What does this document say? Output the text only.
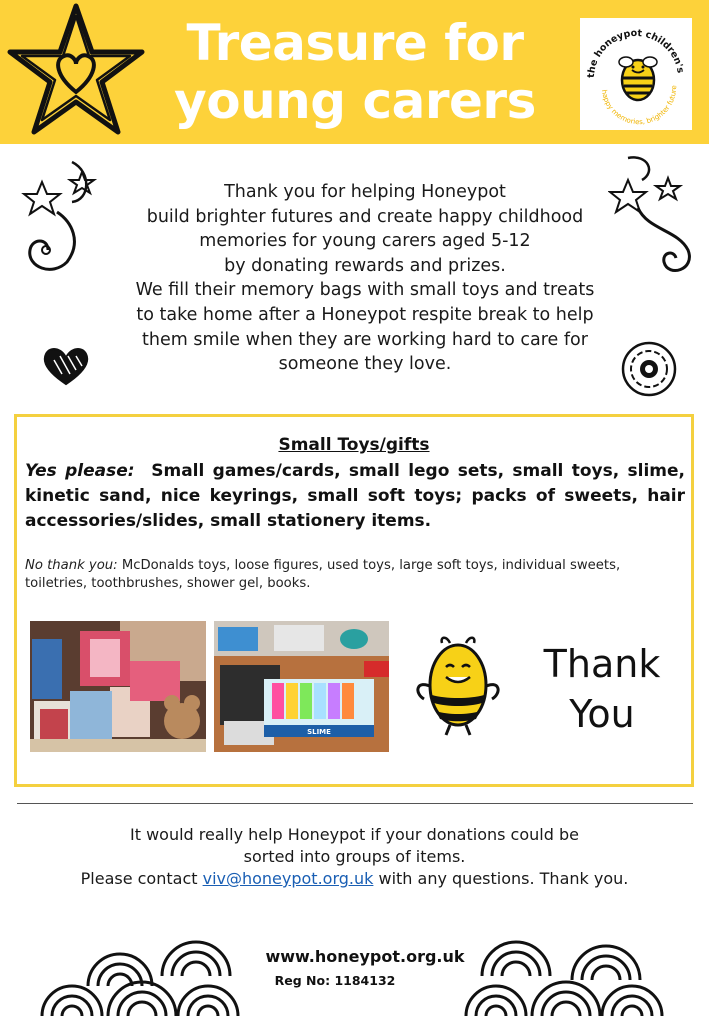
Treasure for
young carers	the honeypot children's
happy memories, brighter future
Thank you for helping Honeypot
build brighter futures and create happy childhood
memories for young carers aged 5-12
by donating rewards and prizes.
We fill their memory bags with small toys and treats
to take home after a Honeypot respite break to help
them smile when they are working hard to care for
someone they love.
Small Toys/gifts
Yes please: Small games/cards, small lego sets, small toys, slime, kinetic sand, nice keyrings, small soft toys; packs of sweets, hair accessories/slides, small stationery items.
No thank you: McDonalds toys, loose figures, used toys, large soft toys, individual sweets, toiletries, toothbrushes, shower gel, books.
SLIME
Thank
You
It would really help Honeypot if your donations could be
sorted into groups of items.
Please contact viv@honeypot.org.uk with any questions. Thank you.
www.honeypot.org.uk
Reg No: 1184132
